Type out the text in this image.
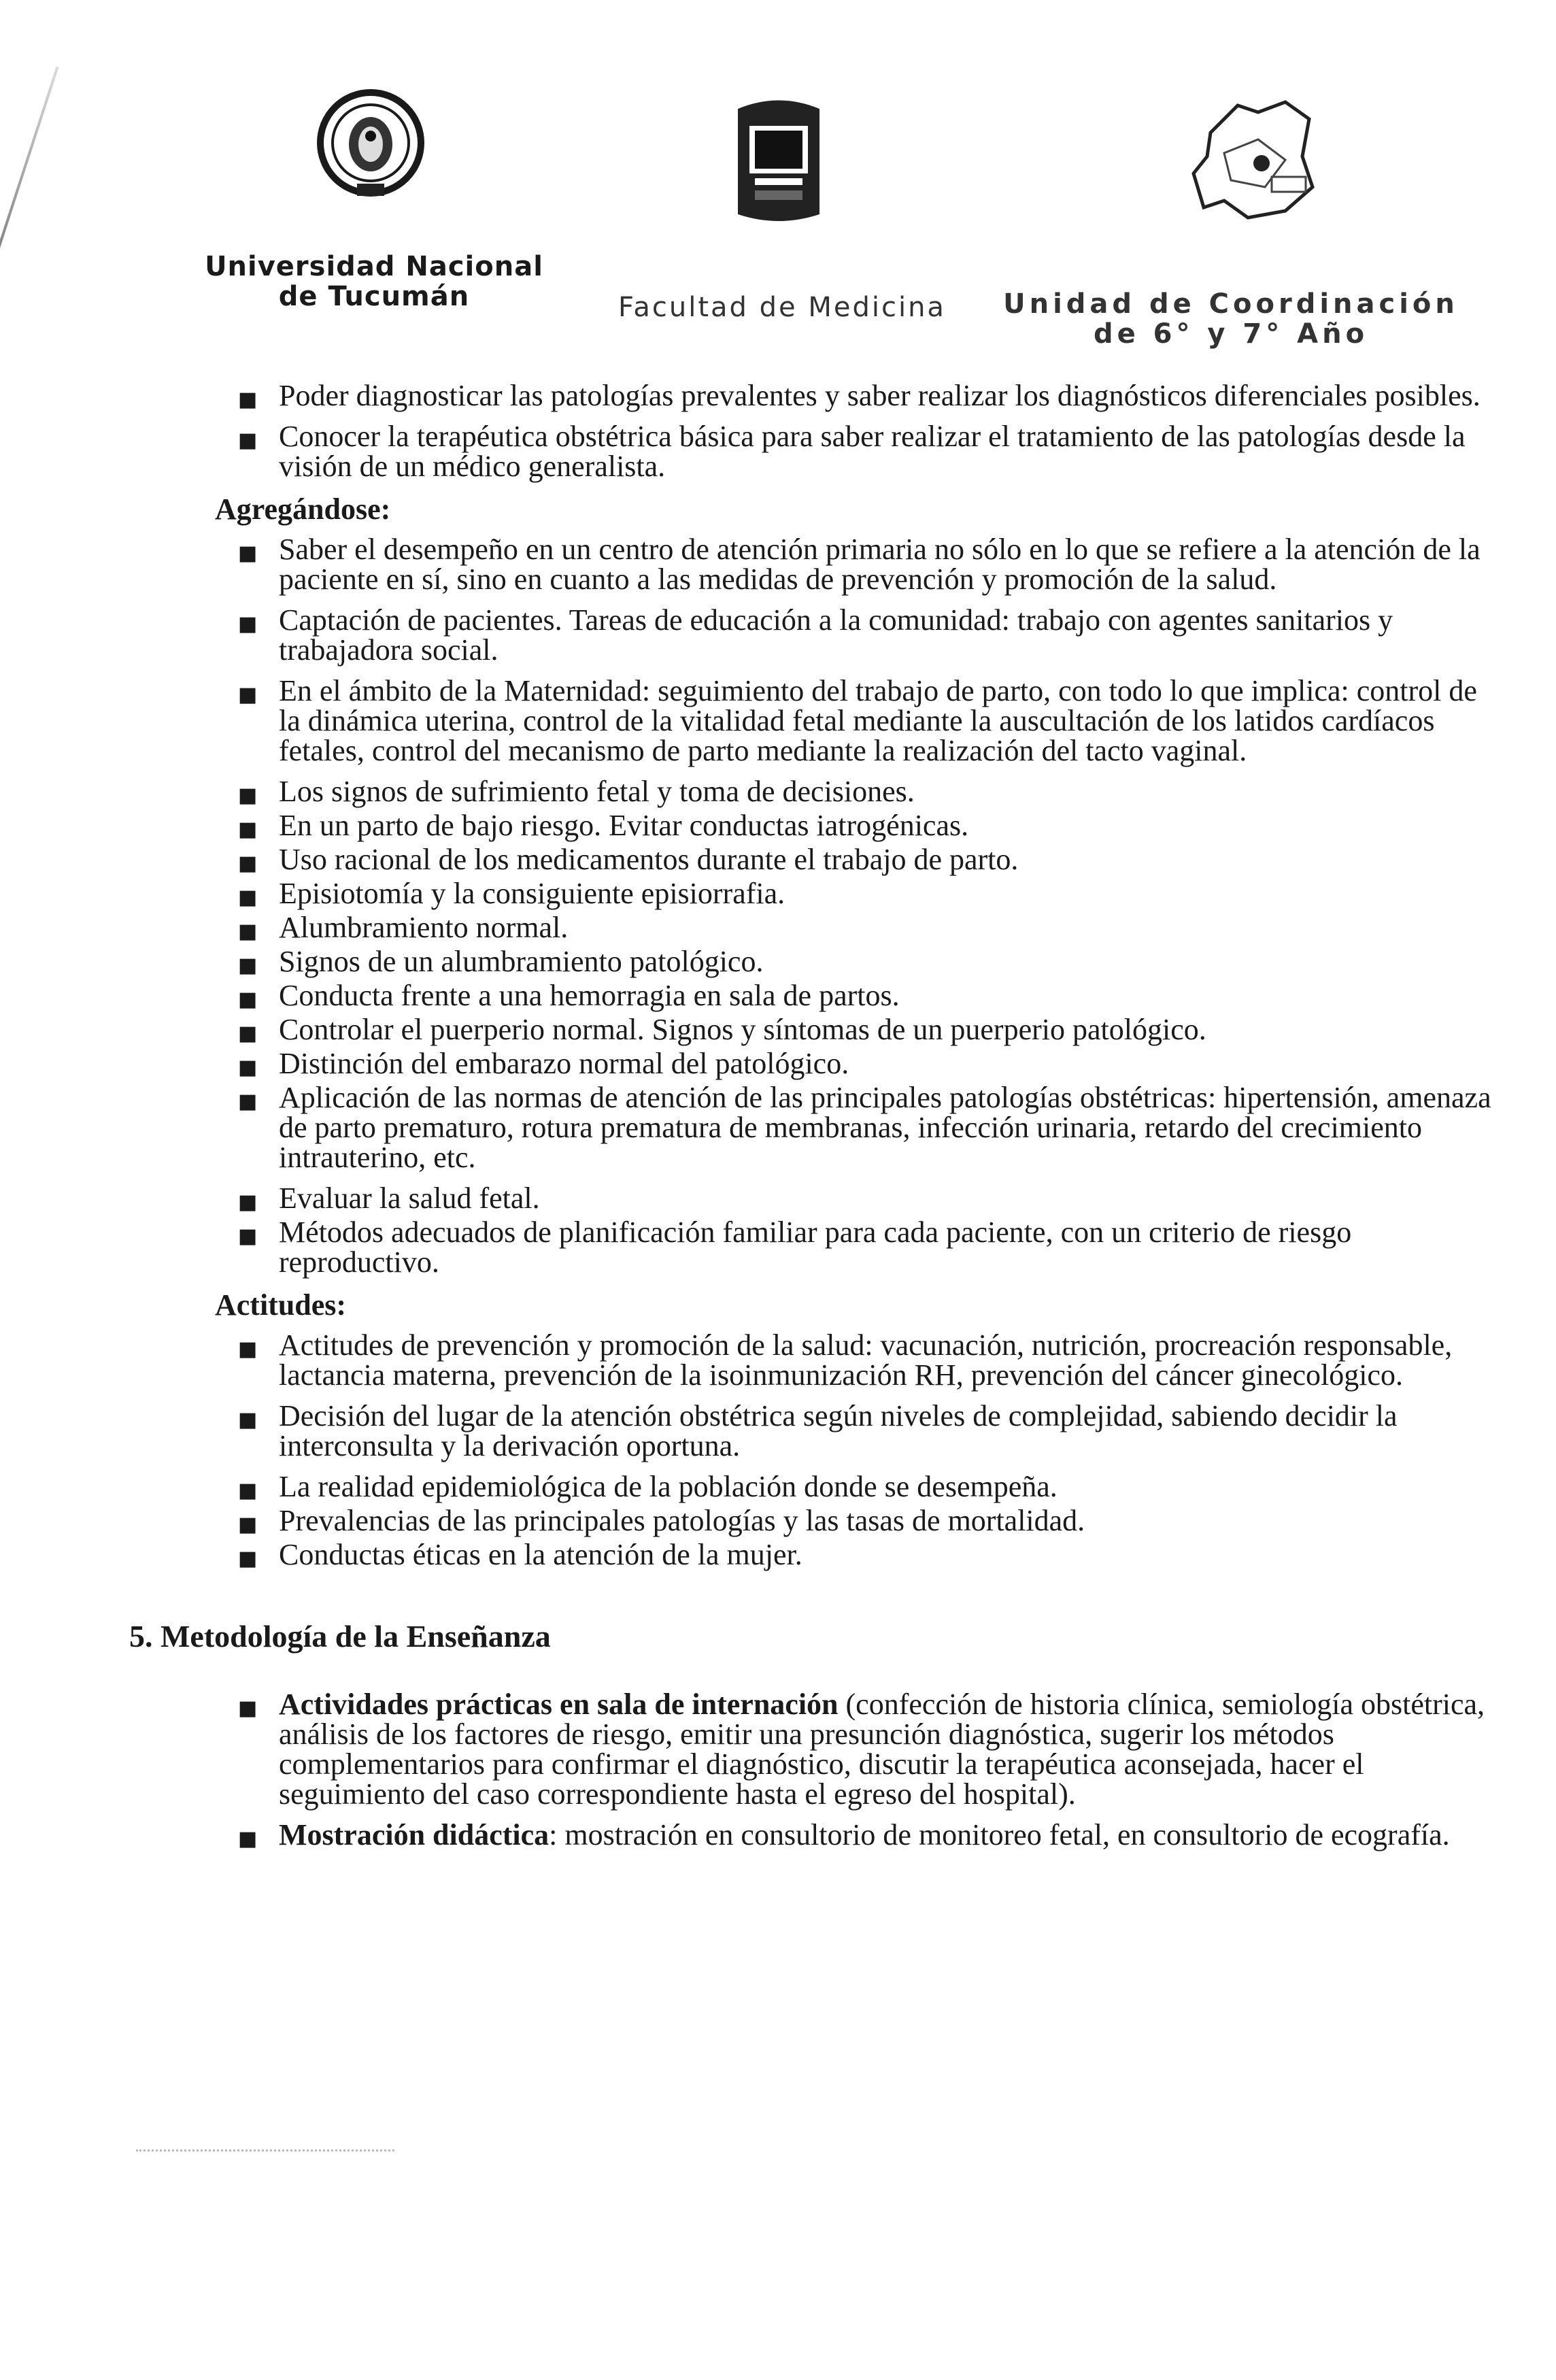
Universidad Nacional de Tucumán	Facultad de Medicina	Unidad de Coordinación de 6° y 7° Año
■ Poder diagnosticar las patologías prevalentes y saber realizar los diagnósticos diferenciales posibles.
■ Conocer la terapéutica obstétrica básica para saber realizar el tratamiento de las patologías desde la visión de un médico generalista.
Agregándose:
■ Saber el desempeño en un centro de atención primaria no sólo en lo que se refiere a la atención de la paciente en sí, sino en cuanto a las medidas de prevención y promoción de la salud.
■ Captación de pacientes. Tareas de educación a la comunidad: trabajo con agentes sanitarios y trabajadora social.
■ En el ámbito de la Maternidad: seguimiento del trabajo de parto, con todo lo que implica: control de la dinámica uterina, control de la vitalidad fetal mediante la auscultación de los latidos cardíacos fetales, control del mecanismo de parto mediante la realización del tacto vaginal.
■ Los signos de sufrimiento fetal y toma de decisiones.
■ En un parto de bajo riesgo. Evitar conductas iatrogénicas.
■ Uso racional de los medicamentos durante el trabajo de parto.
■ Episiotomía y la consiguiente episiorrafia.
■ Alumbramiento normal.
■ Signos de un alumbramiento patológico.
■ Conducta frente a una hemorragia en sala de partos.
■ Controlar el puerperio normal. Signos y síntomas de un puerperio patológico.
■ Distinción del embarazo normal del patológico.
■ Aplicación de las normas de atención de las principales patologías obstétricas: hipertensión, amenaza de parto prematuro, rotura prematura de membranas, infección urinaria, retardo del crecimiento intrauterino, etc.
■ Evaluar la salud fetal.
■ Métodos adecuados de planificación familiar para cada paciente, con un criterio de riesgo reproductivo.
Actitudes:
■ Actitudes de prevención y promoción de la salud: vacunación, nutrición, procreación responsable, lactancia materna, prevención de la isoinmunización RH, prevención del cáncer ginecológico.
■ Decisión del lugar de la atención obstétrica según niveles de complejidad, sabiendo decidir la interconsulta y la derivación oportuna.
■ La realidad epidemiológica de la población donde se desempeña.
■ Prevalencias de las principales patologías y las tasas de mortalidad.
■ Conductas éticas en la atención de la mujer.
5. Metodología de la Enseñanza
■ Actividades prácticas en sala de internación (confección de historia clínica, semiología obstétrica, análisis de los factores de riesgo, emitir una presunción diagnóstica, sugerir los métodos complementarios para confirmar el diagnóstico, discutir la terapéutica aconsejada, hacer el seguimiento del caso correspondiente hasta el egreso del hospital).
■ Mostración didáctica: mostración en consultorio de monitoreo fetal, en consultorio de ecografía.
